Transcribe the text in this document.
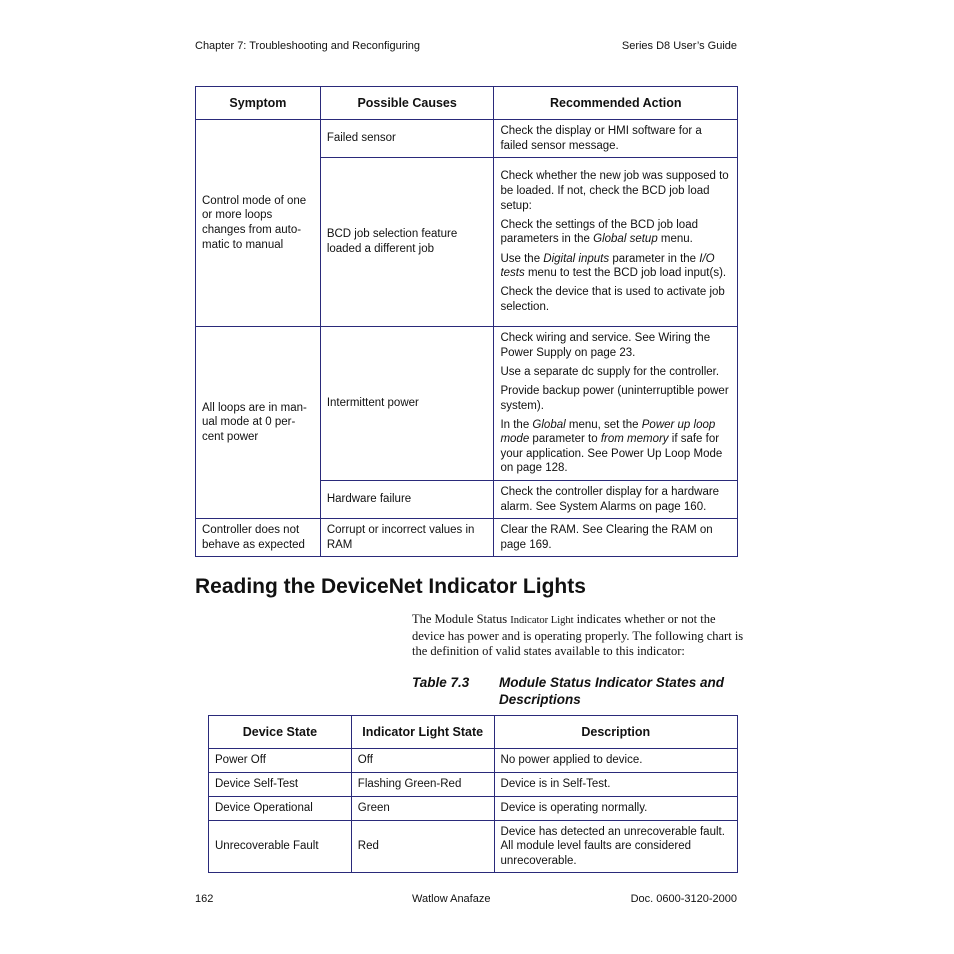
Chapter 7: Troubleshooting and Reconfiguring	Series D8 User’s Guide
Symptom	Possible Causes	Recommended Action
Control mode of one or more loops changes from auto-matic to manual	Failed sensor	Check the display or HMI software for a failed sensor message.
	BCD job selection feature loaded a different job	Check whether the new job was supposed to be loaded. If not, check the BCD job load setup:

Check the settings of the BCD job load parameters in the Global setup menu.

Use the Digital inputs parameter in the I/O tests menu to test the BCD job load input(s).

Check the device that is used to activate job selection.

All loops are in man-ual mode at 0 per-cent power	Intermittent power	Check wiring and service. See Wiring the Power Supply on page 23.

Use a separate dc supply for the controller.

Provide backup power (uninterruptible power system).

In the Global menu, set the Power up loop mode parameter to from memory if safe for your application. See Power Up Loop Mode on page 128.

	Hardware failure	Check the controller display for a hardware alarm. See System Alarms on page 160.
Controller does not behave as expected	Corrupt or incorrect values in RAM	Clear the RAM. See Clearing the RAM on page 169.
Reading the DeviceNet Indicator Lights
The Module Status Indicator Light indicates whether or not the device has power and is operating properly. The following chart is the definition of valid states available to this indicator:
Table 7.3 Module Status Indicator States and Descriptions
Device State	Indicator Light State	Description
Power Off	Off	No power applied to device.
Device Self-Test	Flashing Green-Red	Device is in Self-Test.
Device Operational	Green	Device is operating normally.
Unrecoverable Fault	Red	Device has detected an unrecoverable fault. All module level faults are considered unrecoverable.
162	Watlow Anafaze	Doc. 0600-3120-2000
